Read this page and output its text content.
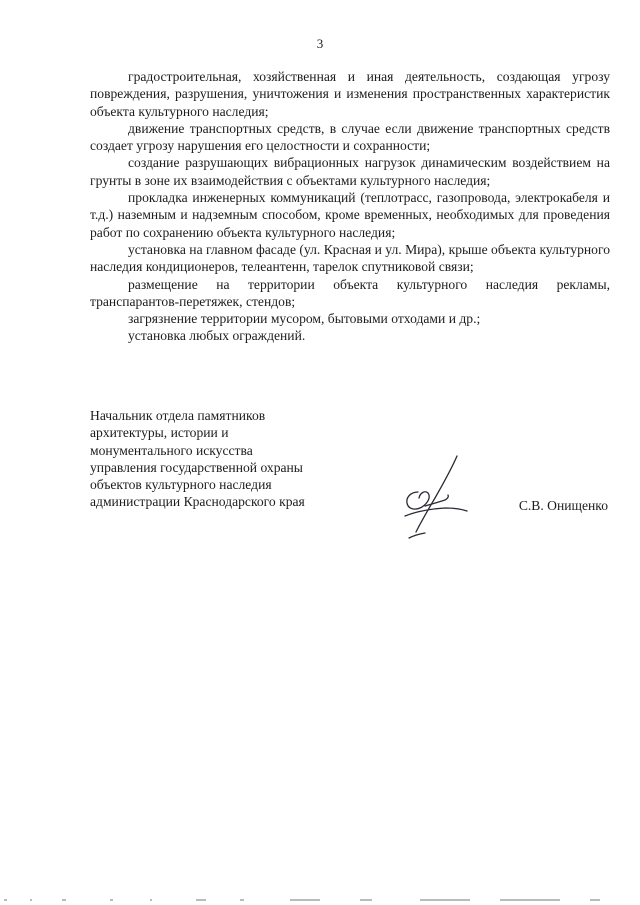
3

градостроительная, хозяйственная и иная деятельность, создающая угрозу повреждения, разрушения, уничтожения и изменения пространственных характеристик объекта культурного наследия;

движение транспортных средств, в случае если движение транспортных средств создает угрозу нарушения его целостности и сохранности;

создание разрушающих вибрационных нагрузок динамическим воздействием на грунты в зоне их взаимодействия с объектами культурного наследия;

прокладка инженерных коммуникаций (теплотрасс, газопровода, электрокабеля и т.д.) наземным и надземным способом, кроме временных, необходимых для проведения работ по сохранению объекта культурного наследия;

установка на главном фасаде (ул. Красная и ул. Мира), крыше объекта культурного наследия кондиционеров, телеантенн, тарелок спутниковой связи;

размещение на территории объекта культурного наследия рекламы, транспарантов-перетяжек, стендов;

загрязнение территории мусором, бытовыми отходами и др.;

установка любых ограждений.

Начальник отдела памятников
архитектуры, истории и
монументального искусства
управления государственной охраны
объектов культурного наследия
администрации Краснодарского края	С.В. Онищенко
